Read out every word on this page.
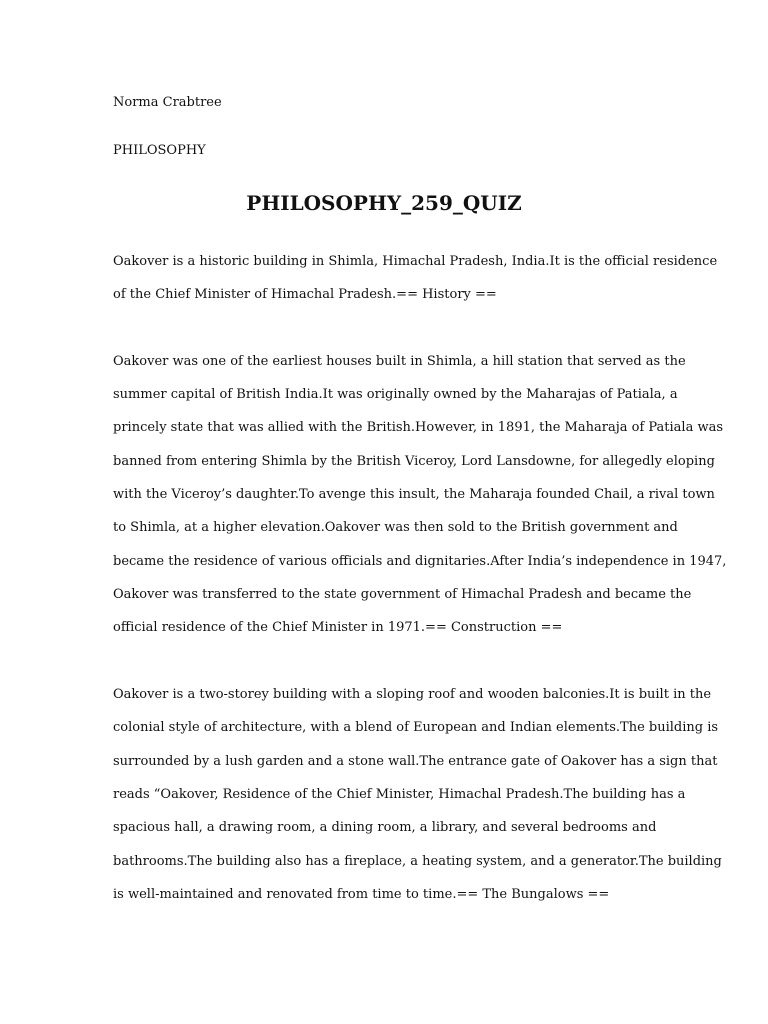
Norma Crabtree

PHILOSOPHY

PHILOSOPHY_259_QUIZ

Oakover is a historic building in Shimla, Himachal Pradesh, India.It is the official residence

of the Chief Minister of Himachal Pradesh.== History ==

Oakover was one of the earliest houses built in Shimla, a hill station that served as the

summer capital of British India.It was originally owned by the Maharajas of Patiala, a

princely state that was allied with the British.However, in 1891, the Maharaja of Patiala was

banned from entering Shimla by the British Viceroy, Lord Lansdowne, for allegedly eloping

with the Viceroy’s daughter.To avenge this insult, the Maharaja founded Chail, a rival town

to Shimla, at a higher elevation.Oakover was then sold to the British government and

became the residence of various officials and dignitaries.After India’s independence in 1947,

Oakover was transferred to the state government of Himachal Pradesh and became the

official residence of the Chief Minister in 1971.== Construction ==

Oakover is a two-storey building with a sloping roof and wooden balconies.It is built in the

colonial style of architecture, with a blend of European and Indian elements.The building is

surrounded by a lush garden and a stone wall.The entrance gate of Oakover has a sign that

reads “Oakover, Residence of the Chief Minister, Himachal Pradesh.The building has a

spacious hall, a drawing room, a dining room, a library, and several bedrooms and

bathrooms.The building also has a fireplace, a heating system, and a generator.The building

is well-maintained and renovated from time to time.== The Bungalows ==
